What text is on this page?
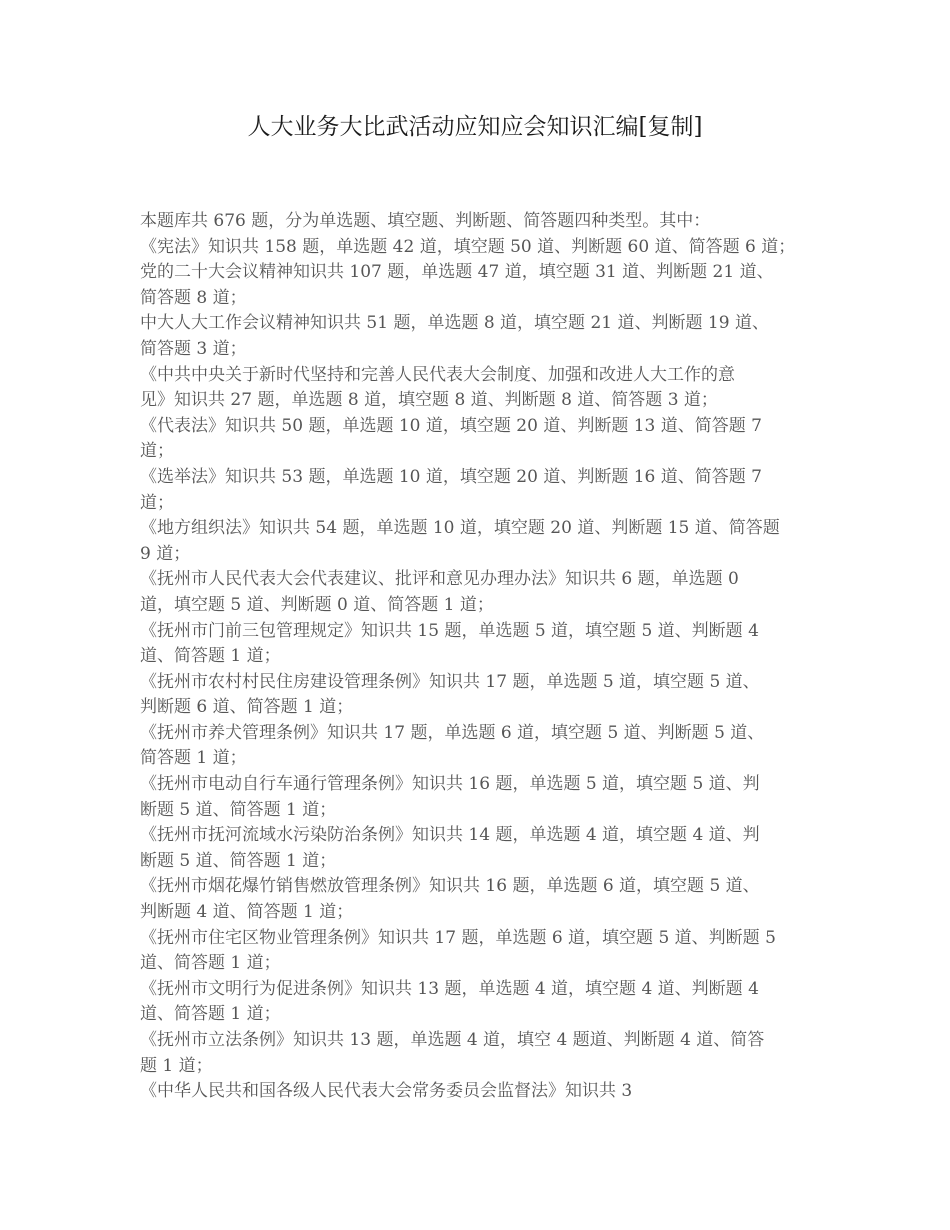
人大业务大比武活动应知应会知识汇编[复制]

本题库共 676 题，分为单选题、填空题、判断题、简答题四种类型。其中：

《宪法》知识共 158 题，单选题 42 道，填空题 50 道、判断题 60 道、简答题 6 道；

党的二十大会议精神知识共 107 题，单选题 47 道，填空题 31 道、判断题 21 道、

简答题 8 道；

中大人大工作会议精神知识共 51 题，单选题 8 道，填空题 21 道、判断题 19 道、

简答题 3 道；

《中共中央关于新时代坚持和完善人民代表大会制度、加强和改进人大工作的意

见》知识共 27 题，单选题 8 道，填空题 8 道、判断题 8 道、简答题 3 道；

《代表法》知识共 50 题，单选题 10 道，填空题 20 道、判断题 13 道、简答题 7

道；

《选举法》知识共 53 题，单选题 10 道，填空题 20 道、判断题 16 道、简答题 7

道；

《地方组织法》知识共 54 题，单选题 10 道，填空题 20 道、判断题 15 道、简答题

9 道；

《抚州市人民代表大会代表建议、批评和意见办理办法》知识共 6 题，单选题 0

道，填空题 5 道、判断题 0 道、简答题 1 道；

《抚州市门前三包管理规定》知识共 15 题，单选题 5 道，填空题 5 道、判断题 4

道、简答题 1 道；

《抚州市农村村民住房建设管理条例》知识共 17 题，单选题 5 道，填空题 5 道、

判断题 6 道、简答题 1 道；

《抚州市养犬管理条例》知识共 17 题，单选题 6 道，填空题 5 道、判断题 5 道、

简答题 1 道；

《抚州市电动自行车通行管理条例》知识共 16 题，单选题 5 道，填空题 5 道、判

断题 5 道、简答题 1 道；

《抚州市抚河流域水污染防治条例》知识共 14 题，单选题 4 道，填空题 4 道、判

断题 5 道、简答题 1 道；

《抚州市烟花爆竹销售燃放管理条例》知识共 16 题，单选题 6 道，填空题 5 道、

判断题 4 道、简答题 1 道；

《抚州市住宅区物业管理条例》知识共 17 题，单选题 6 道，填空题 5 道、判断题 5

道、简答题 1 道；

《抚州市文明行为促进条例》知识共 13 题，单选题 4 道，填空题 4 道、判断题 4

道、简答题 1 道；

《抚州市立法条例》知识共 13 题，单选题 4 道，填空 4 题道、判断题 4 道、简答

题 1 道；

《中华人民共和国各级人民代表大会常务委员会监督法》知识共 3
